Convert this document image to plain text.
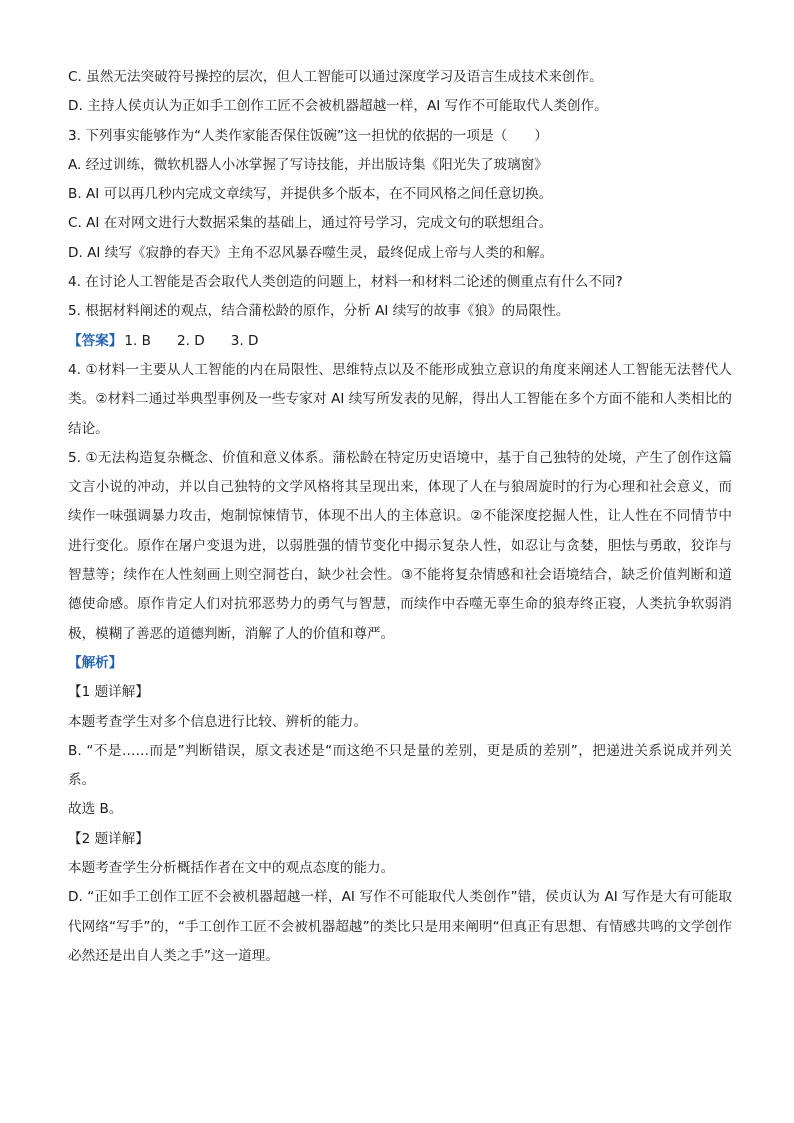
C. 虽然无法突破符号操控的层次，但人工智能可以通过深度学习及语言生成技术来创作。

D. 主持人侯贞认为正如手工创作工匠不会被机器超越一样，AI 写作不可能取代人类创作。

3. 下列事实能够作为“人类作家能否保住饭碗”这一担忧的依据的一项是（　　）

A. 经过训练，微软机器人小冰掌握了写诗技能，并出版诗集《阳光失了玻璃窗》

B. AI 可以再几秒内完成文章续写，并提供多个版本，在不同风格之间任意切换。

C. AI 在对网文进行大数据采集的基础上，通过符号学习，完成文句的联想组合。

D. AI 续写《寂静的春天》主角不忍风暴吞噬生灵，最终促成上帝与人类的和解。

4. 在讨论人工智能是否会取代人类创造的问题上，材料一和材料二论述的侧重点有什么不同?

5. 根据材料阐述的观点，结合蒲松龄的原作，分析 AI 续写的故事《狼》的局限性。

【答案】 1. B 2. D 3. D

4. ①材料一主要从人工智能的内在局限性、思维特点以及不能形成独立意识的角度来阐述人工智能无法替代人类。②材料二通过举典型事例及一些专家对 AI 续写所发表的见解，得出人工智能在多个方面不能和人类相比的结论。

5. ①无法构造复杂概念、价值和意义体系。蒲松龄在特定历史语境中，基于自己独特的处境，产生了创作这篇文言小说的冲动，并以自己独特的文学风格将其呈现出来，体现了人在与狼周旋时的行为心理和社会意义，而续作一味强调暴力攻击，炮制惊悚情节，体现不出人的主体意识。②不能深度挖掘人性，让人性在不同情节中进行变化。原作在屠户变退为进，以弱胜强的情节变化中揭示复杂人性，如忍让与贪婪，胆怯与勇敢，狡诈与智慧等；续作在人性刻画上则空洞苍白，缺少社会性。③不能将复杂情感和社会语境结合，缺乏价值判断和道德使命感。原作肯定人们对抗邪恶势力的勇气与智慧，而续作中吞噬无辜生命的狼寿终正寝，人类抗争软弱消极，模糊了善恶的道德判断，消解了人的价值和尊严。

【解析】

【1 题详解】

本题考查学生对多个信息进行比较、辨析的能力。

B. “不是……而是”判断错误，原文表述是“而这绝不只是量的差别，更是质的差别”，把递进关系说成并列关系。

故选 B。

【2 题详解】

本题考查学生分析概括作者在文中的观点态度的能力。

D. “正如手工创作工匠不会被机器超越一样，AI 写作不可能取代人类创作”错，侯贞认为 AI 写作是大有可能取代网络“写手”的，“手工创作工匠不会被机器超越”的类比只是用来阐明“但真正有思想、有情感共鸣的文学创作必然还是出自人类之手”这一道理。
